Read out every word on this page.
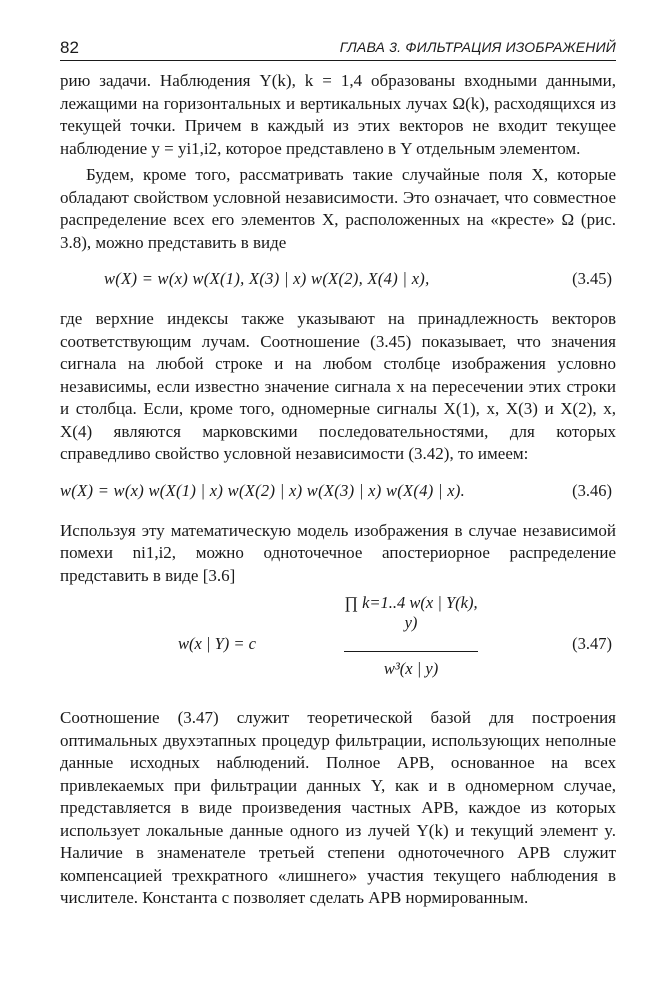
82	ГЛАВА 3. ФИЛЬТРАЦИЯ ИЗОБРАЖЕНИЙ

рию задачи. Наблюдения Y(k), k = 1,4 образованы входными данными, лежащими на горизонтальных и вертикальных лучах Ω(k), расходящихся из текущей точки. Причем в каждый из этих векторов не входит текущее наблюдение y = yi1,i2, которое представлено в Y отдельным элементом.

Будем, кроме того, рассматривать такие случайные поля X, которые обладают свойством условной независимости. Это означает, что совместное распределение всех его элементов X, расположенных на «кресте» Ω (рис. 3.8), можно представить в виде

w(X) = w(x) w(X(1), X(3) | x) w(X(2), X(4) | x),	(3.45)

где верхние индексы также указывают на принадлежность векторов соответствующим лучам. Соотношение (3.45) показывает, что значения сигнала на любой строке и на любом столбце изображения условно независимы, если известно значение сигнала x на пересечении этих строки и столбца. Если, кроме того, одномерные сигналы X(1), x, X(3) и X(2), x, X(4) являются марковскими последовательностями, для которых справедливо свойство условной независимости (3.42), то имеем:

w(X) = w(x) w(X(1) | x) w(X(2) | x) w(X(3) | x) w(X(4) | x).	(3.46)

Используя эту математическую модель изображения в случае независимой помехи ni1,i2, можно одноточечное апостериорное распределение представить в виде [3.6]

w(x | Y) = c
∏ k=1..4 w(x | Y(k), y)
w³(x | y)
(3.47)

Соотношение (3.47) служит теоретической базой для построения оптимальных двухэтапных процедур фильтрации, использующих неполные данные исходных наблюдений. Полное АРВ, основанное на всех привлекаемых при фильтрации данных Y, как и в одномерном случае, представляется в виде произведения частных АРВ, каждое из которых использует локальные данные одного из лучей Y(k) и текущий элемент y. Наличие в знаменателе третьей степени одноточечного АРВ служит компенсацией трехкратного «лишнего» участия текущего наблюдения в числителе. Константа c позволяет сделать АРВ нормированным.
